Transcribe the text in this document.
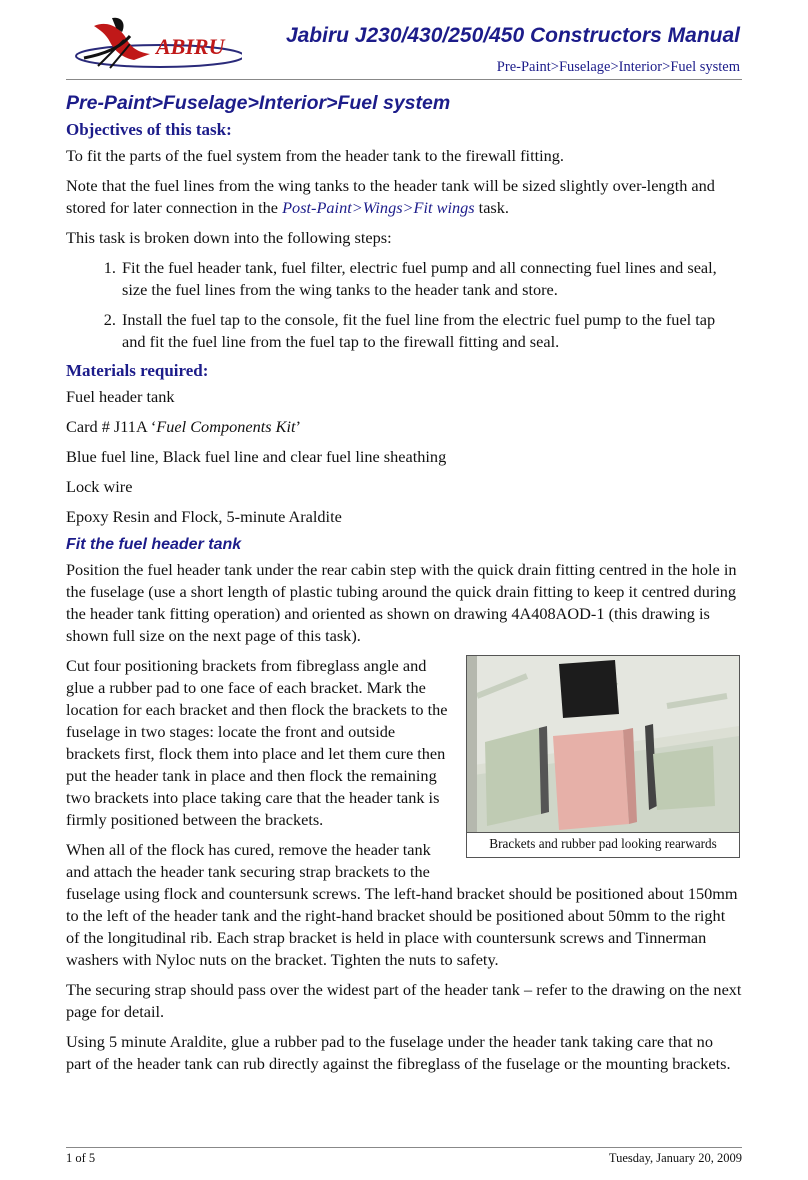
ABIRU	Jabiru J230/430/250/450 Constructors Manual
Pre-Paint>Fuselage>Interior>Fuel system
Pre-Paint>Fuselage>Interior>Fuel system
Objectives of this task:

To fit the parts of the fuel system from the header tank to the firewall fitting.

Note that the fuel lines from the wing tanks to the header tank will be sized slightly over-length and stored for later connection in the Post-Paint>Wings>Fit wings task.

This task is broken down into the following steps:

1. Fit the fuel header tank, fuel filter, electric fuel pump and all connecting fuel lines and seal, size the fuel lines from the wing tanks to the header tank and store.
2. Install the fuel tap to the console, fit the fuel line from the electric fuel pump to the fuel tap and fit the fuel line from the fuel tap to the firewall fitting and seal.
Materials required:

Fuel header tank

Card # J11A ‘Fuel Components Kit’

Blue fuel line, Black fuel line and clear fuel line sheathing

Lock wire

Epoxy Resin and Flock, 5-minute Araldite

Fit the fuel header tank

Position the fuel header tank under the rear cabin step with the quick drain fitting centred in the hole in the fuselage (use a short length of plastic tubing around the quick drain fitting to keep it centred during the header tank fitting operation) and oriented as shown on drawing 4A408AOD-1 (this drawing is shown full size on the next page of this task).

Brackets and rubber pad looking rearwards

Cut four positioning brackets from fibreglass angle and glue a rubber pad to one face of each bracket. Mark the location for each bracket and then flock the brackets to the fuselage in two stages: locate the front and outside brackets first, flock them into place and let them cure then put the header tank in place and then flock the remaining two brackets into place taking care that the header tank is firmly positioned between the brackets.

When all of the flock has cured, remove the header tank and attach the header tank securing strap brackets to the fuselage using flock and countersunk screws. The left-hand bracket should be positioned about 150mm to the left of the header tank and the right-hand bracket should be positioned about 50mm to the right of the longitudinal rib. Each strap bracket is held in place with countersunk screws and Tinnerman washers with Nyloc nuts on the bracket. Tighten the nuts to safety.

The securing strap should pass over the widest part of the header tank – refer to the drawing on the next page for detail.

Using 5 minute Araldite, glue a rubber pad to the fuselage under the header tank taking care that no part of the header tank can rub directly against the fibreglass of the fuselage or the mounting brackets.

1 of 5	Tuesday, January 20, 2009
